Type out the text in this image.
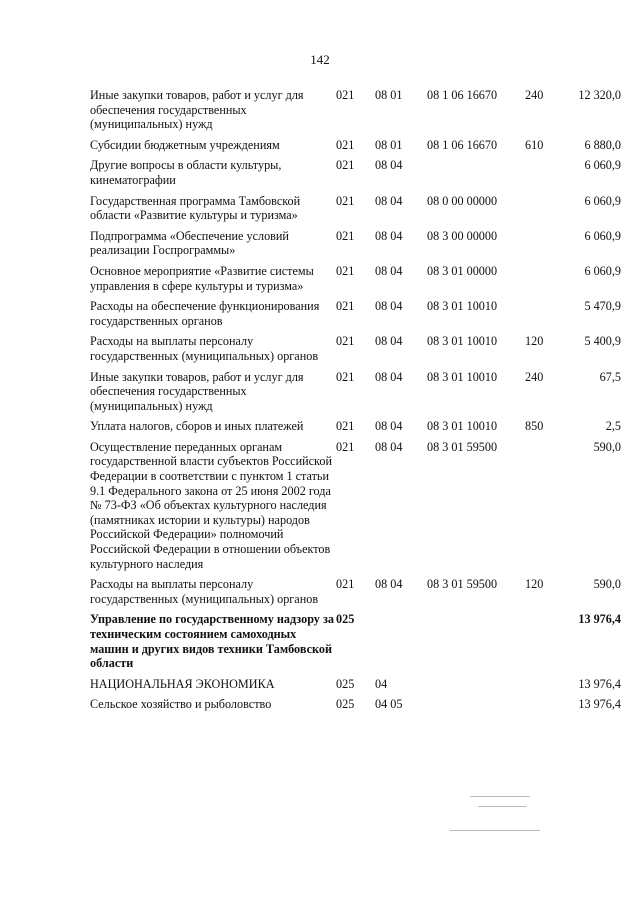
142
Иные закупки товаров, работ и услуг для обеспечения государственных (муниципальных) нужд	021	08 01	08 1 06 16670	240	12 320,0
Субсидии бюджетным учреждениям	021	08 01	08 1 06 16670	610	6 880,0
Другие вопросы в области культуры, кинематографии	021	08 04			6 060,9
Государственная программа Тамбовской области «Развитие культуры и туризма»	021	08 04	08 0 00 00000		6 060,9
Подпрограмма «Обеспечение условий реализации Госпрограммы»	021	08 04	08 3 00 00000		6 060,9
Основное мероприятие «Развитие системы управления в сфере культуры и туризма»	021	08 04	08 3 01 00000		6 060,9
Расходы на обеспечение функционирования государственных органов	021	08 04	08 3 01 10010		5 470,9
Расходы на выплаты персоналу государственных (муниципальных) органов	021	08 04	08 3 01 10010	120	5 400,9
Иные закупки товаров, работ и услуг для обеспечения государственных (муниципальных) нужд	021	08 04	08 3 01 10010	240	67,5
Уплата налогов, сборов и иных платежей	021	08 04	08 3 01 10010	850	2,5
Осуществление переданных органам государственной власти субъектов Российской Федерации в соответствии с пунктом 1 статьи 9.1 Федерального закона от 25 июня 2002 года № 73-ФЗ «Об объектах культурного наследия (памятниках истории и культуры) народов Российской Федерации» полномочий Российской Федерации в отношении объектов культурного наследия	021	08 04	08 3 01 59500		590,0
Расходы на выплаты персоналу государственных (муниципальных) органов	021	08 04	08 3 01 59500	120	590,0
Управление по государственному надзору за техническим состоянием самоходных машин и других видов техники Тамбовской области	025				13 976,4
НАЦИОНАЛЬНАЯ ЭКОНОМИКА	025	04			13 976,4
Сельское хозяйство и рыболовство	025	04 05			13 976,4
